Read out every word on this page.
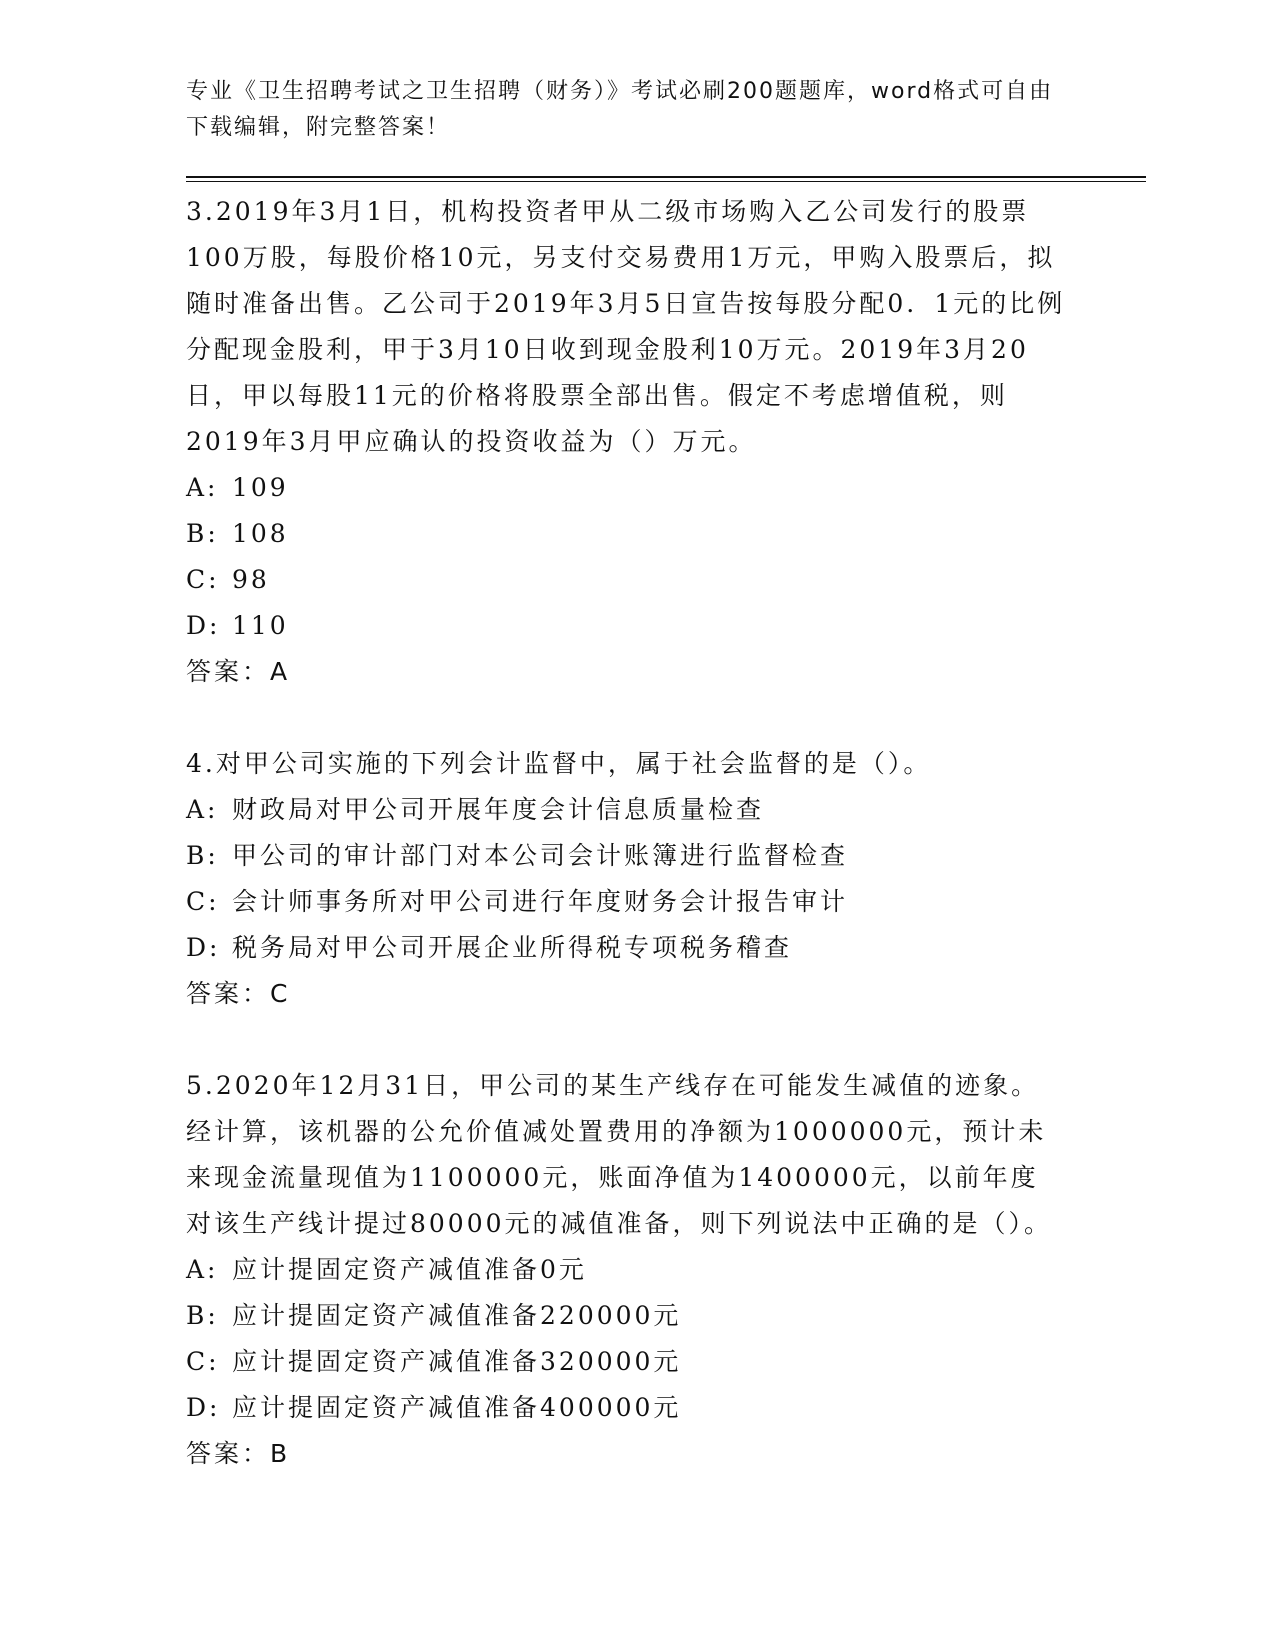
专业《卫生招聘考试之卫生招聘（财务）》考试必刷200题题库，word格式可自由下载编辑，附完整答案！

3.2019年3月1日，机构投资者甲从二级市场购入乙公司发行的股票100万股，每股价格10元，另支付交易费用1万元，甲购入股票后，拟随时准备出售。乙公司于2019年3月5日宣告按每股分配0．1元的比例分配现金股利，甲于3月10日收到现金股利10万元。2019年3月20日，甲以每股11元的价格将股票全部出售。假定不考虑增值税，则2019年3月甲应确认的投资收益为（）万元。

A: 109

B: 108

C: 98

D: 110

答案：A

4.对甲公司实施的下列会计监督中，属于社会监督的是（）。

A: 财政局对甲公司开展年度会计信息质量检查

B: 甲公司的审计部门对本公司会计账簿进行监督检查

C: 会计师事务所对甲公司进行年度财务会计报告审计

D: 税务局对甲公司开展企业所得税专项税务稽查

答案：C

5.2020年12月31日，甲公司的某生产线存在可能发生减值的迹象。经计算，该机器的公允价值减处置费用的净额为1000000元，预计未来现金流量现值为1100000元，账面净值为1400000元，以前年度对该生产线计提过80000元的减值准备，则下列说法中正确的是（）。

A: 应计提固定资产减值准备0元

B: 应计提固定资产减值准备220000元

C: 应计提固定资产减值准备320000元

D: 应计提固定资产减值准备400000元

答案：B
